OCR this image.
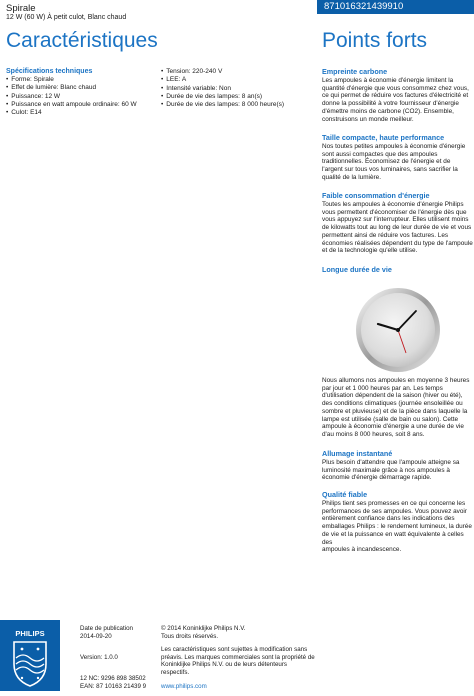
Spirale
12 W (60 W) À petit culot, Blanc chaud
8710163214399​10
Caractéristiques	Points forts
Spécifications techniques
• Forme: Spirale
• Effet de lumière: Blanc chaud
• Puissance: 12 W
• Puissance en watt ampoule ordinaire: 60 W
• Culot: E14
• Tension: 220-240 V
• LEE: A
• Intensité variable: Non
• Durée de vie des lampes: 8 an(s)
• Durée de vie des lampes: 8 000 heure(s)
Empreinte carbone
Les ampoules à économie d'énergie limitent la
quantité d'énergie que vous consommez chez vous,
ce qui permet de réduire vos factures d'électricité et
donne la possibilité à votre fournisseur d'énergie
d'émettre moins de carbone (CO2). Ensemble,
construisons un monde meilleur.
Taille compacte, haute performance
Nos toutes petites ampoules à économie d'énergie
sont aussi compactes que des ampoules
traditionnelles. Économisez de l'énergie et de
l'argent sur tous vos luminaires, sans sacrifier la
qualité de la lumière.
Faible consommation d'énergie
Toutes les ampoules à économie d'énergie Philips
vous permettent d'économiser de l'énergie dès que
vous appuyez sur l'interrupteur. Elles utilisent moins
de kilowatts tout au long de leur durée de vie et vous
permettent ainsi de réduire vos factures. Les
économies réalisées dépendent du type de l'ampoule
et de la technologie qu'elle utilise.
Longue durée de vie
Nous allumons nos ampoules en moyenne 3 heures
par jour et 1 000 heures par an. Les temps
d'utilisation dépendent de la saison (hiver ou été),
des conditions climatiques (journée ensoleillée ou
sombre et pluvieuse) et de la pièce dans laquelle la
lampe est utilisée (salle de bain ou salon). Cette
ampoule à économie d'énergie a une durée de vie
d'au moins 8 000 heures, soit 8 ans.
Allumage instantané
Plus besoin d'attendre que l'ampoule atteigne sa
luminosité maximale grâce à nos ampoules à
économie d'énergie démarrage rapide.
Qualité fiable
Philips tient ses promesses en ce qui concerne les
performances de ses ampoules. Vous pouvez avoir
entièrement confiance dans les indications des
emballages Philips : le rendement lumineux, la durée
de vie et la puissance en watt équivalente à celles des
ampoules à incandescence.
PHILIPS
Date de publication
2014-09-20
Version: 1.0.0
12 NC: 9296 898 38502
EAN: 87 10163 21439 9
© 2014 Koninklijke Philips N.V.
Tous droits réservés.
Les caractéristiques sont sujettes à modification sans
préavis. Les marques commerciales sont la propriété de
Koninklijke Philips N.V. ou de leurs détenteurs
respectifs.
www.philips.com
